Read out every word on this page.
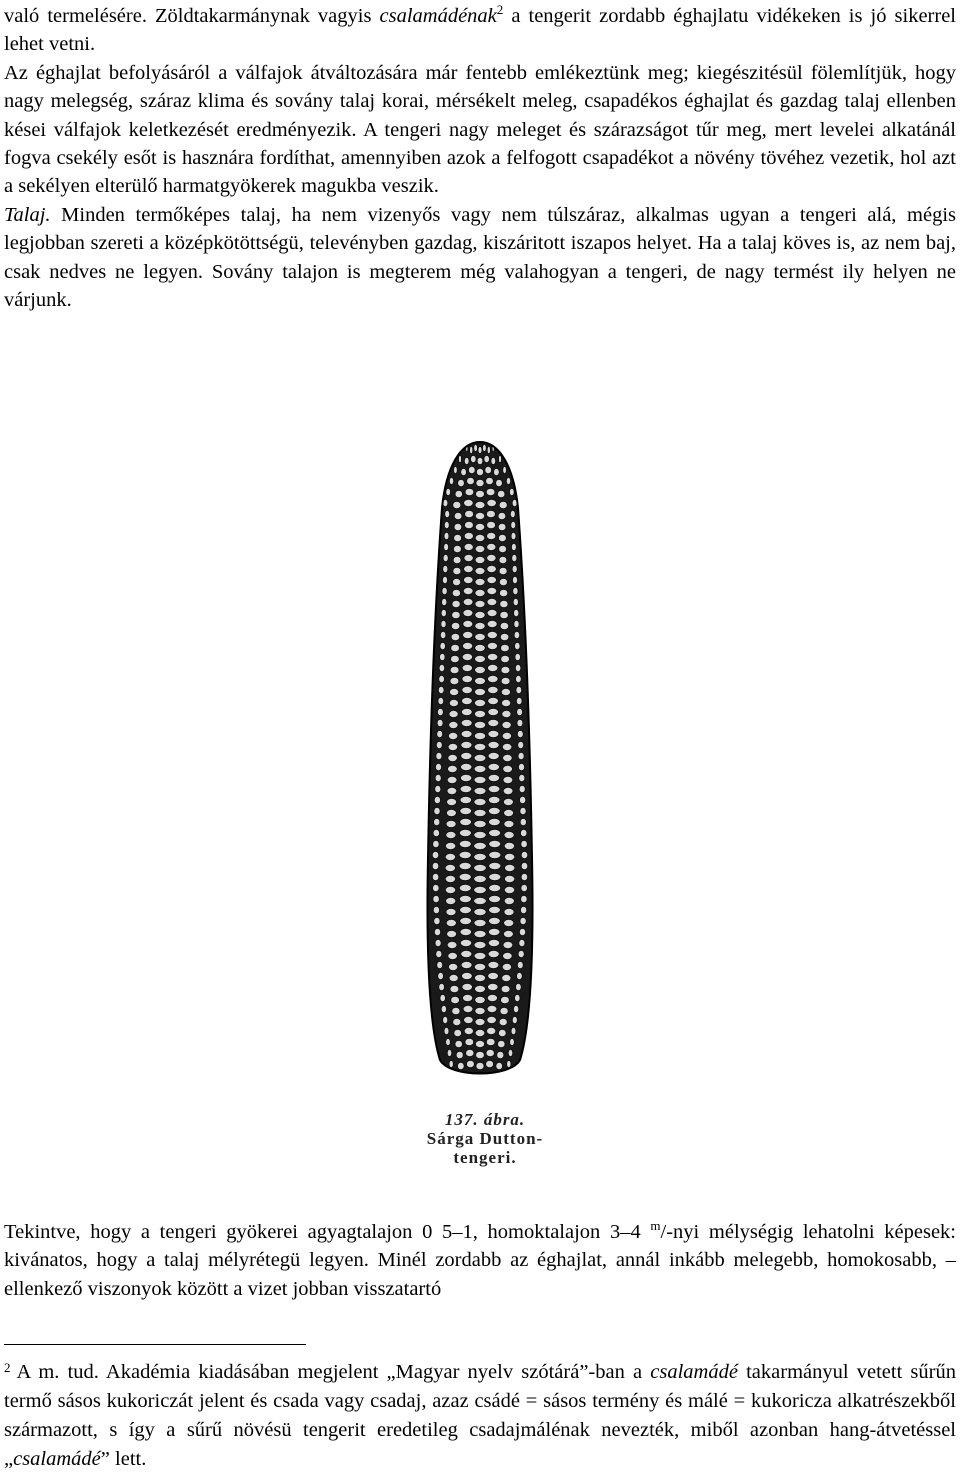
való termelésére. Zöldtakarmánynak vagyis csalamádénak$^2$ a tengerit zordabb éghajlatu vidékeken is jó sikerrel lehet vetni.

Az éghajlat befolyásáról a válfajok átváltozására már fentebb emlékeztünk meg; kiegészitésül fölemlítjük, hogy nagy melegség, száraz klima és sovány talaj korai, mérsékelt meleg, csapadékos éghajlat és gazdag talaj ellenben kései válfajok keletkezését eredményezik. A tengeri nagy meleget és szárazságot tűr meg, mert levelei alkatánál fogva csekély esőt is hasznára fordíthat, amennyiben azok a felfogott csapadékot a növény tövéhez vezetik, hol azt a sekélyen elterülő harmatgyökerek magukba veszik.

Talaj. Minden termőképes talaj, ha nem vizenyős vagy nem túlszáraz, alkalmas ugyan a tengeri alá, mégis legjobban szereti a középkötöttségü, televényben gazdag, kiszáritott iszapos helyet. Ha a talaj köves is, az nem baj, csak nedves ne legyen. Sovány talajon is megterem még valahogyan a tengeri, de nagy termést ily helyen ne várjunk.

137. ábra.
Sárga Dutton-
tengeri.

Tekintve, hogy a tengeri gyökerei agyagtalajon 0 5–1, homoktalajon 3–4 $^m$/-nyi mélységig lehatolni képesek: kivánatos, hogy a talaj mélyrétegü legyen. Minél zordabb az éghajlat, annál inkább melegebb, homokosabb, – ellenkező viszonyok között a vizet jobban visszatartó

$^2$ A m. tud. Akadémia kiadásában megjelent „Magyar nyelv szótárá”-ban a csalamádé takarmányul vetett sűrűn termő sásos kukoriczát jelent és csada vagy csadaj, azaz csádé = sásos termény és málé = kukoricza alkatrészekből származott, s így a sűrű növésü tengerit eredetileg csadajmálénak nevezték, miből azonban hang-átvetéssel „csalamádé” lett.
